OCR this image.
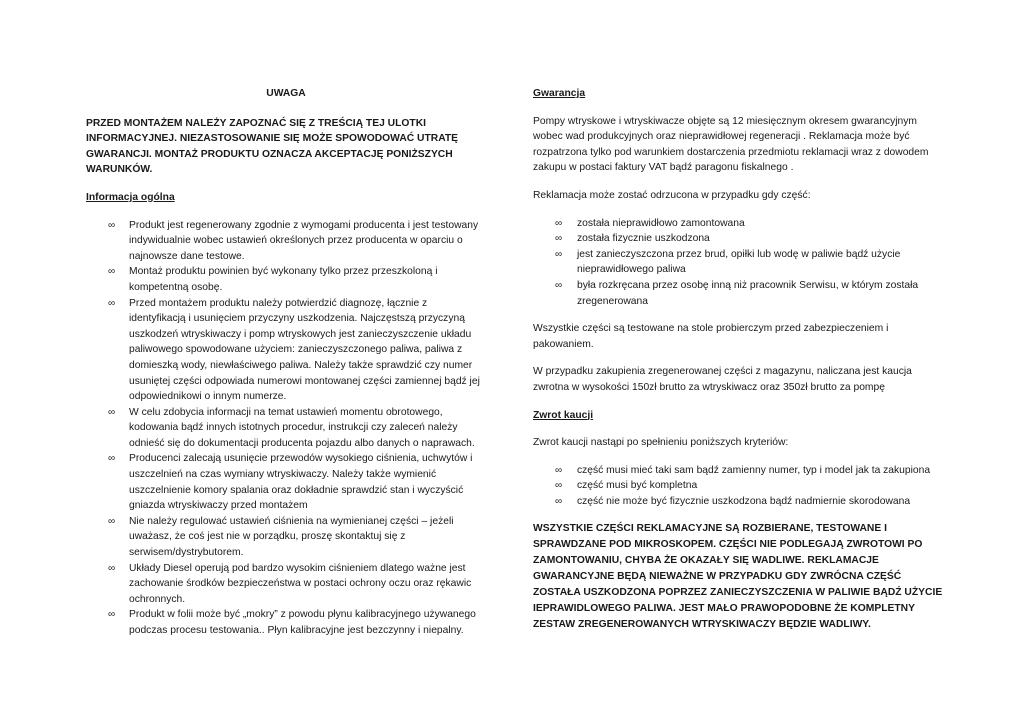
UWAGA
PRZED MONTAŻEM NALEŻY ZAPOZNAĆ SIĘ Z TREŚCIĄ TEJ ULOTKI INFORMACYJNEJ. NIEZASTOSOWANIE SIĘ MOŻE SPOWODOWAĆ UTRATĘ GWARANCJI. MONTAŻ PRODUKTU OZNACZA AKCEPTACJĘ PONIŻSZYCH WARUNKÓW.
Informacja ogólna
∞ Produkt jest regenerowany zgodnie z wymogami producenta i jest testowany indywidualnie wobec ustawień określonych przez producenta w oparciu o najnowsze dane testowe.
∞ Montaż produktu powinien być wykonany tylko przez przeszkoloną i kompetentną osobę.
∞ Przed montażem produktu należy potwierdzić diagnozę, łącznie z identyfikacją i usunięciem przyczyny uszkodzenia. Najczęstszą przyczyną uszkodzeń wtryskiwaczy i pomp wtryskowych jest zanieczyszczenie układu paliwowego spowodowane użyciem: zanieczyszczonego paliwa, paliwa z domieszką wody, niewłaściwego paliwa. Należy także sprawdzić czy numer usuniętej części odpowiada numerowi montowanej części zamiennej bądź jej odpowiednikowi o innym numerze.
∞ W celu zdobycia informacji na temat ustawień momentu obrotowego, kodowania bądź innych istotnych procedur, instrukcji czy zaleceń należy odnieść się do dokumentacji producenta pojazdu albo danych o naprawach.
∞ Producenci zalecają usunięcie przewodów wysokiego ciśnienia, uchwytów i uszczelnień na czas wymiany wtryskiwaczy. Należy także wymienić uszczelnienie komory spalania oraz dokładnie sprawdzić stan i wyczyścić gniazda wtryskiwaczy przed montażem
∞ Nie należy regulować ustawień ciśnienia na wymienianej części – jeżeli uważasz, że coś jest nie w porządku, proszę skontaktuj się z serwisem/dystrybutorem.
∞ Układy Diesel operują pod bardzo wysokim ciśnieniem dlatego ważne jest zachowanie środków bezpieczeństwa w postaci ochrony oczu oraz rękawic ochronnych.
∞ Produkt w folii może być „mokry” z powodu płynu kalibracyjnego używanego podczas procesu testowania.. Płyn kalibracyjne jest bezczynny i niepalny.
Gwarancja

Pompy wtryskowe i wtryskiwacze objęte są 12 miesięcznym okresem gwarancyjnym wobec wad produkcyjnych oraz nieprawidłowej regeneracji . Reklamacja może być rozpatrzona tylko pod warunkiem dostarczenia przedmiotu reklamacji wraz z dowodem zakupu w postaci faktury VAT bądź paragonu fiskalnego .

Reklamacja może zostać odrzucona w przypadku gdy część:

∞ została nieprawidłowo zamontowana
∞ została fizycznie uszkodzona
∞ jest zanieczyszczona przez brud, opiłki lub wodę w paliwie bądź użycie nieprawidłowego paliwa
∞ była rozkręcana przez osobę inną niż pracownik Serwisu, w którym została zregenerowana

Wszystkie części są testowane na stole probierczym przed zabezpieczeniem i pakowaniem.

W przypadku zakupienia zregenerowanej części z magazynu, naliczana jest kaucja zwrotna w wysokości 150zł brutto za wtryskiwacz oraz 350zł brutto za pompę

Zwrot kaucji

Zwrot kaucji nastąpi po spełnieniu poniższych kryteriów:

∞ część musi mieć taki sam bądź zamienny numer, typ i model jak ta zakupiona
∞ część musi być kompletna
∞ część nie może być fizycznie uszkodzona bądź nadmiernie skorodowana
WSZYSTKIE CZĘŚCI REKLAMACYJNE SĄ ROZBIERANE, TESTOWANE I SPRAWDZANE POD MIKROSKOPEM. CZĘŚCI NIE PODLEGAJĄ ZWROTOWI PO ZAMONTOWANIU, CHYBA ŻE OKAZAŁY SIĘ WADLIWE. REKLAMACJE GWARANCYJNE BĘDĄ NIEWAŻNE W PRZYPADKU GDY ZWRÓCNA CZĘŚĆ ZOSTAŁA USZKODZONA POPRZEZ ZANIECZYSZCZENIA W PALIWIE BĄDŹ UŻYCIE IEPRAWIDLOWEGO PALIWA. JEST MAŁO PRAWOPODOBNE ŻE KOMPLETNY ZESTAW ZREGENEROWANYCH WTRYSKIWACZY BĘDZIE WADLIWY.
